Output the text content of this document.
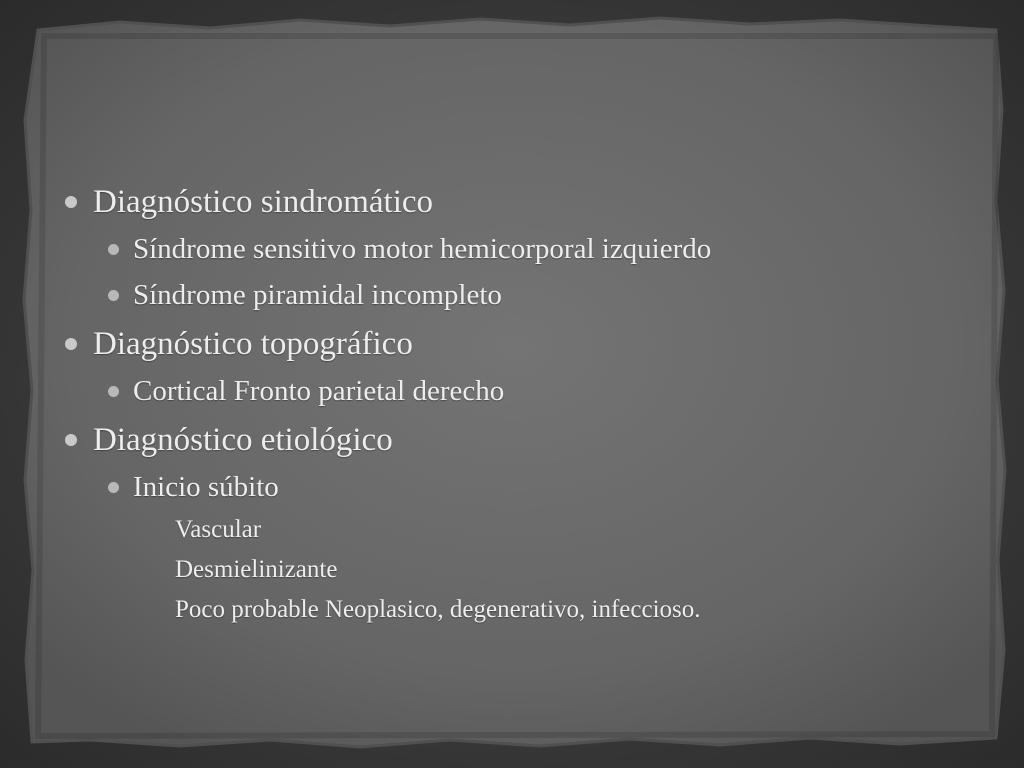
Diagnóstico sindromático
Síndrome sensitivo motor hemicorporal izquierdo
Síndrome piramidal incompleto
Diagnóstico topográfico
Cortical Fronto parietal derecho
Diagnóstico etiológico
Inicio súbito
Vascular
Desmielinizante
Poco probable Neoplasico, degenerativo, infeccioso.
